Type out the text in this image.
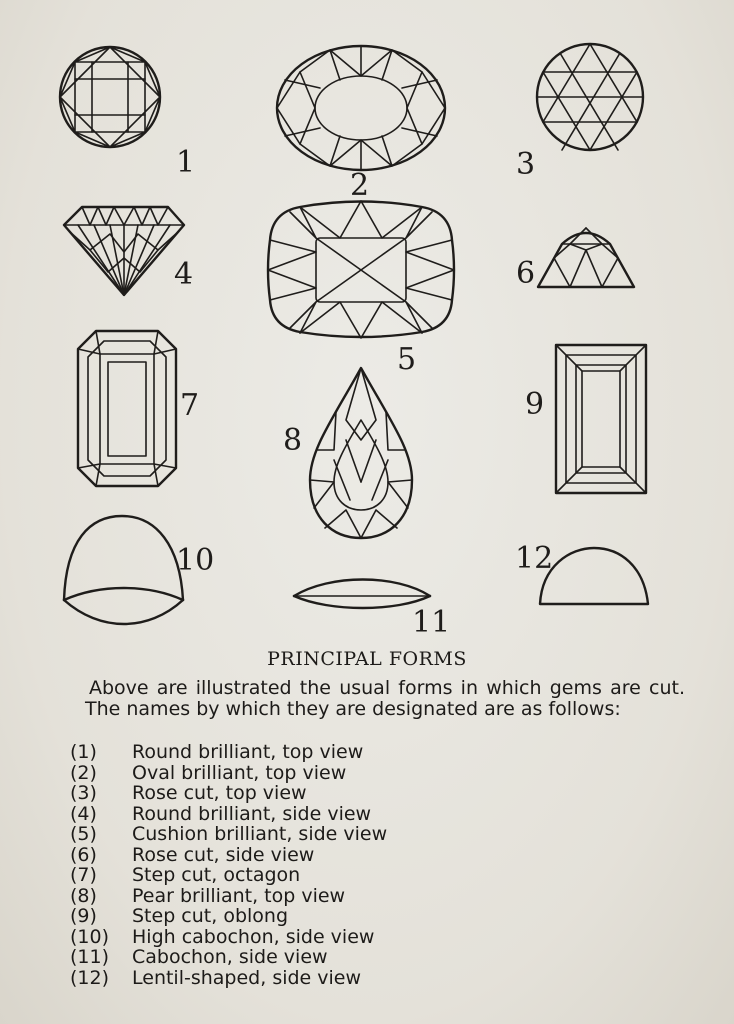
1
2
3
4
5
6
7
8
9
10
11
12
PRINCIPAL FORMS

Above are illustrated the usual forms in which gems are cut. The names by which they are designated are as follows:

(1) Round brilliant, top view
(2) Oval brilliant, top view
(3) Rose cut, top view
(4) Round brilliant, side view
(5) Cushion brilliant, side view
(6) Rose cut, side view
(7) Step cut, octagon
(8) Pear brilliant, top view
(9) Step cut, oblong
(10) High cabochon, side view
(11) Cabochon, side view
(12) Lentil-shaped, side view
